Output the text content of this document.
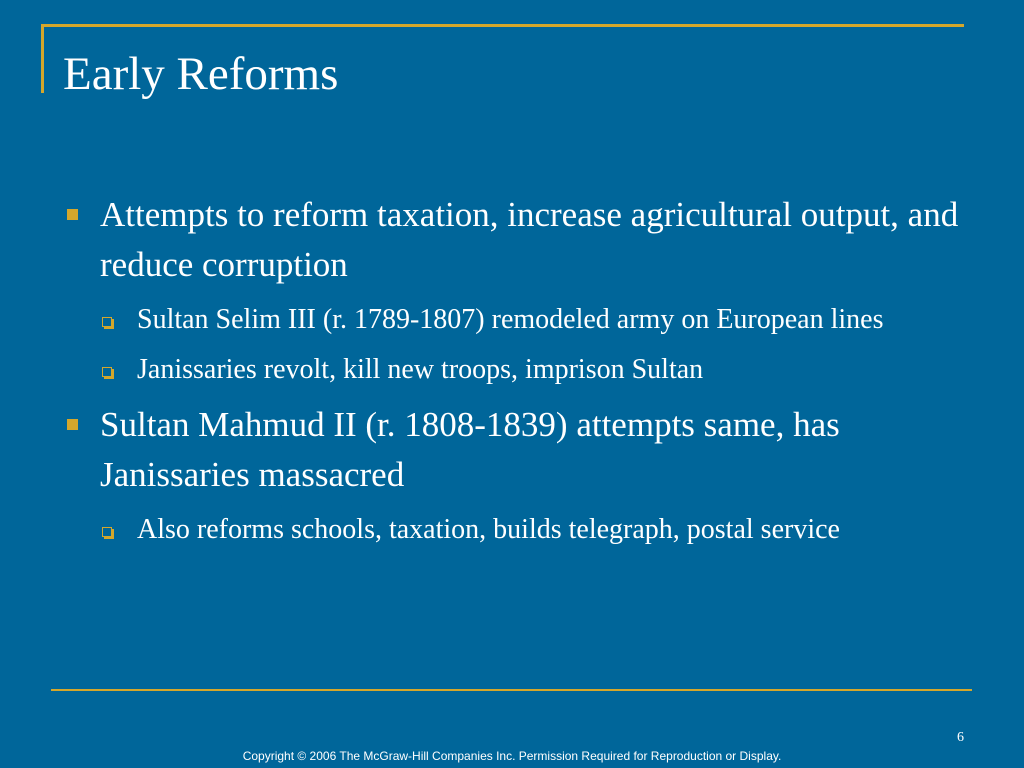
Early Reforms
Attempts to reform taxation, increase agricultural output, and reduce corruption
Sultan Selim III (r. 1789-1807) remodeled army on European lines
Janissaries revolt, kill new troops, imprison Sultan
Sultan Mahmud II (r. 1808-1839) attempts same, has Janissaries massacred
Also reforms schools, taxation, builds telegraph, postal service
6
Copyright © 2006 The McGraw-Hill Companies Inc. Permission Required for Reproduction or Display.
